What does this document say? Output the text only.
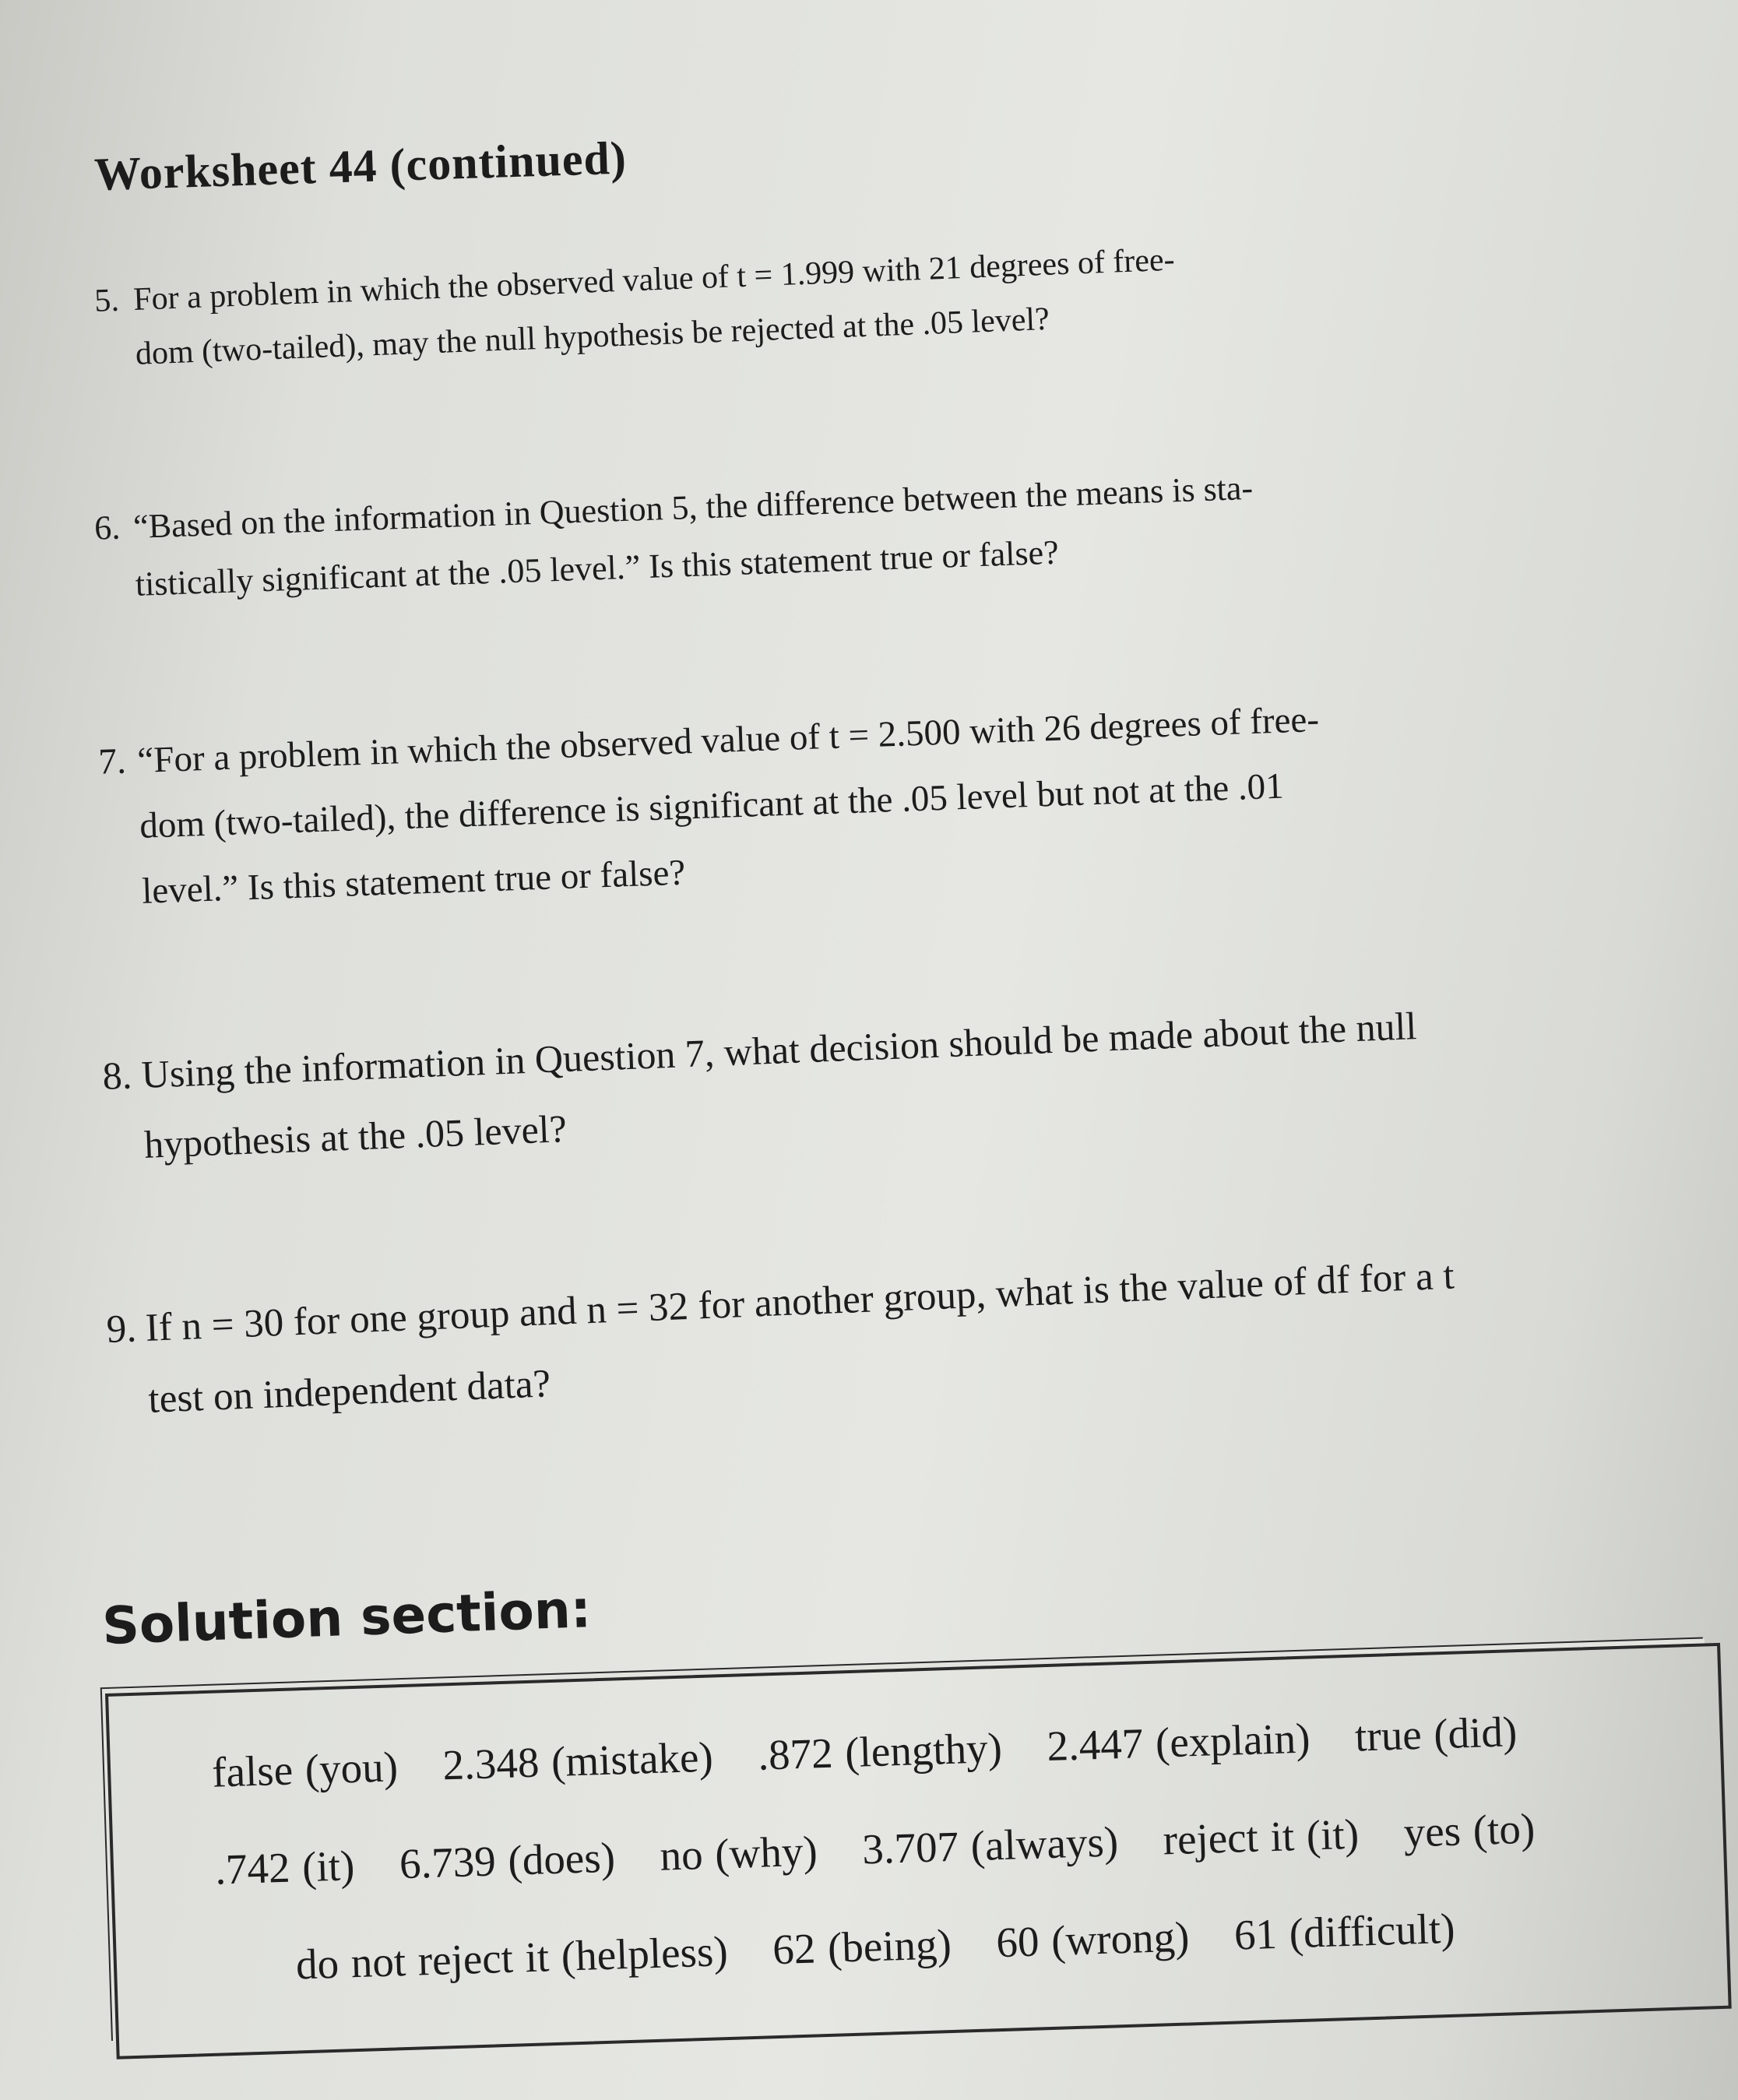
Worksheet 44 (continued)
5. For a problem in which the observed value of t = 1.999 with 21 degrees of free-
dom (two-tailed), may the null hypothesis be rejected at the .05 level?
6. “Based on the information in Question 5, the difference between the means is sta-
tistically significant at the .05 level.” Is this statement true or false?
7. “For a problem in which the observed value of t = 2.500 with 26 degrees of free-
dom (two-tailed), the difference is significant at the .05 level but not at the .01
level.” Is this statement true or false?
8. Using the information in Question 7, what decision should be made about the null
hypothesis at the .05 level?
9. If n = 30 for one group and n = 32 for another group, what is the value of df for a t
test on independent data?
Solution section:
false (you) 2.348 (mistake) .872 (lengthy) 2.447 (explain) true (did)
.742 (it) 6.739 (does) no (why) 3.707 (always) reject it (it) yes (to)
do not reject it (helpless) 62 (being) 60 (wrong) 61 (difficult)
